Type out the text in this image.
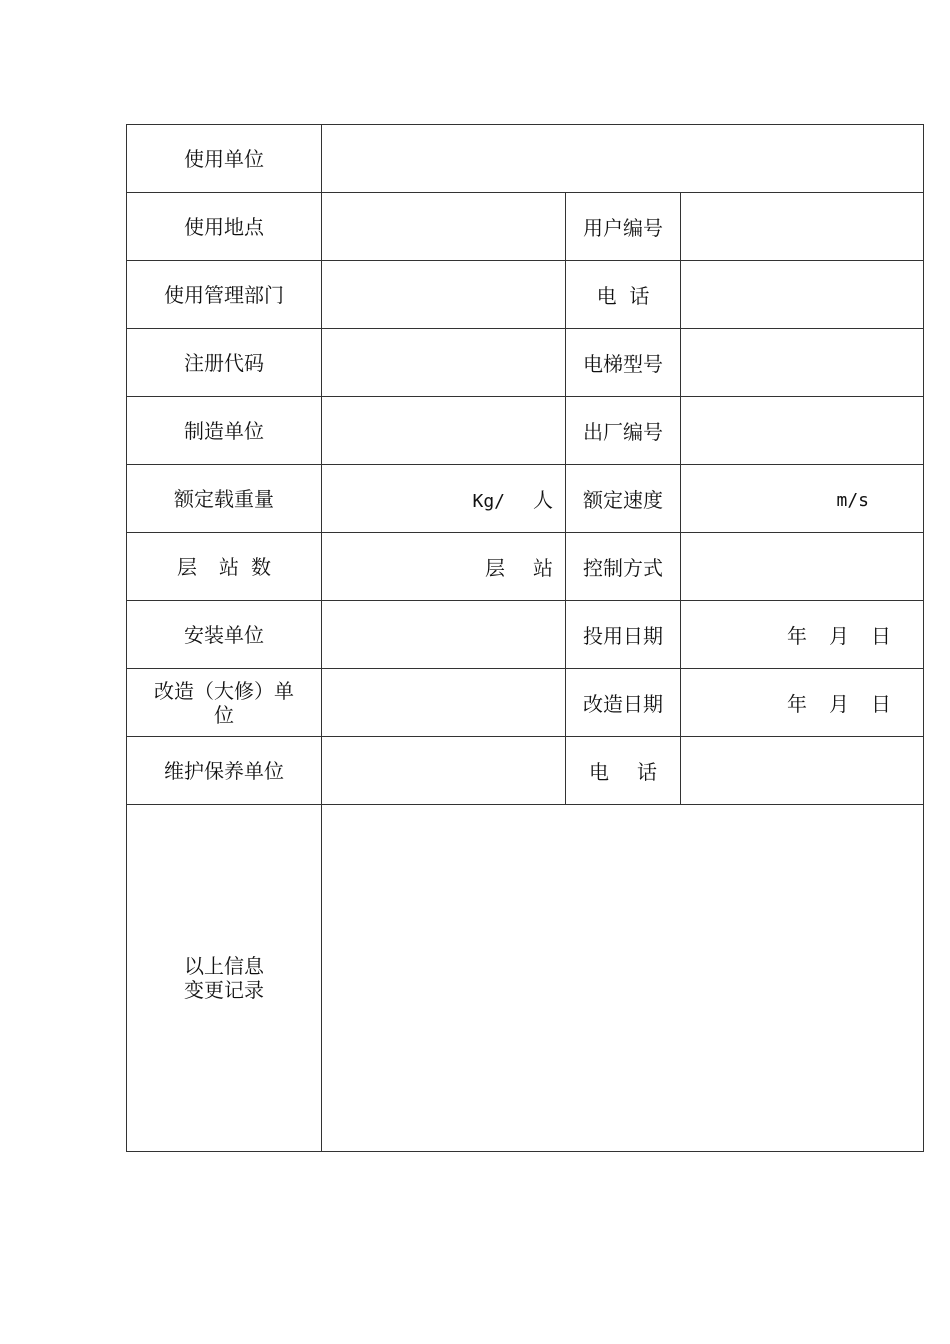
使用单位			
使用地点		用户编号	
使用管理部门		电  话	
注册代码		电梯型号	
制造单位		出厂编号	
额定载重量	Kg/ 人	额定速度	m/s
层 站 数	层 站	控制方式	
安装单位		投用日期	年 月 日

改造（大修）单
位		改造日期	年 月 日
维护保养单位		电 话	

以上信息
变更记录			
